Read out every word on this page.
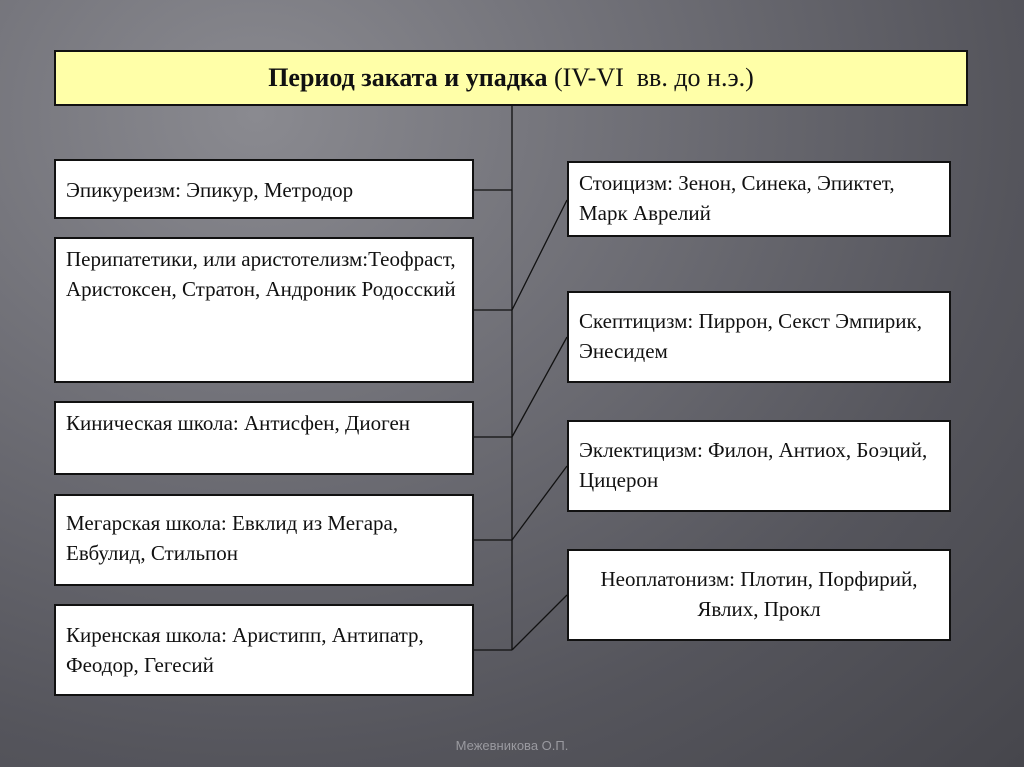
Период заката и упадка (IV-VI  вв. до н.э.)
Эпикуреизм: Эпикур, Метродор
Перипатетики, или аристотелизм:Теофраст, Аристоксен, Стратон, Андроник Родосский
Киническая школа: Антисфен, Диоген
Мегарская школа: Евклид из Мегара, Евбулид, Стильпон
Киренская школа: Аристипп, Антипатр, Феодор, Гегесий
Стоицизм: Зенон, Синека, Эпиктет, Марк Аврелий
Скептицизм: Пиррон, Секст Эмпирик, Энесидем
Эклектицизм: Филон, Антиох, Боэций, Цицерон
Неоплатонизм: Плотин, Порфирий, Явлих, Прокл
Межевникова О.П.
